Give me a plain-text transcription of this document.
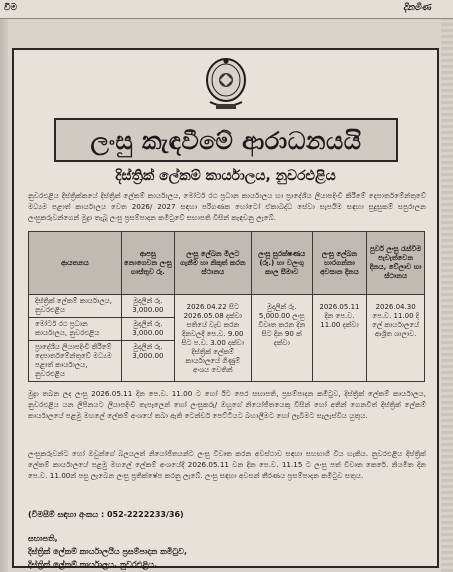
වීම	දිනමිණ
ලංසු කැඳවීමේ ආරාධනයයි
දිස්ත්‍රික් ලේකම් කාර්යාලය, නුවරඑළිය
නුවරඑළිය දිස්ත්‍රික්කයේ දිස්ත්‍රික් ලේකම් කාර්යාලය, මෝටර් රථ ප්‍රධාන කාර්යාලය හා ප්‍රාදේශීය ලියාපදිංචි කිරීමේ දෙපාර්තමේන්තුවේ මධ්‍යම පළාත් කාර්යාලය වෙත 2026/ 2027 සඳහා පරිගණක හෝටෝ ඒකාබද්ධ සේවා සැපයීම සඳහා සුදුසුකම් සපුරාලන ලංසුකරුවන්ගෙන් මුද්‍රා තැබූ ලංසු ප්‍රසම්පාදන කමිටුවේ සභාපති විසින් කැඳවනු ලැබේ.
ආයතනය	ආපසු නොගෙවන ලංසු ගාස්තුව රු.	ලංසු ලේඛන මිලට ගැනීම හා නිකුත් කරන ස්ථානය	ලංසු සුරක්ෂණය (රු.) හා වලංගු කාල සීමාව	ලංසු ලේඛන භාරගන්නා අවසාන දිනය	පුර්ව ලංසු රැස්වීම පැවැත්වෙන දිනය, වේලාව හා ස්ථානය
දිස්ත්‍රික් ලේකම් කාර්යාලය, නුවරඑළිය	මුදලින් රු. 3,000.00	2026.04.22 සිට 2026.05.08 දක්වා සතියේ වැඩ කරන දිනවලදී පෙ.ව. 9.00 සිට ප.ව. 3.00 දක්වා දිස්ත්‍රික් ලේකම් කාර්යාලයේ ගිණුම් අංශය වෙතින්	මුදලින් රු. 5,000.00 ලංසු විවෘත කරන දින සිට දින 90 ක් දක්වා	2026.05.11 දින පෙ.ව. 11.00 දක්වා	2026.04.30 පෙ.ව. 11.00 දි ලේ කාර්යාලයේ ආශ්‍රිත ශාලාව.
මෝටර් රථ ප්‍රධාන කාර්යාලය, නුවරඑළිය	මුදලින් රු. 3,000.00				
ප්‍රාදේශීය ලියාපදිංචි කිරීමේ දෙපාර්තමේන්තුවේ මධ්‍යම පළාත් කාර්යාලය, නුවරඑළිය	මුදලින් රු. 3,000.00				
මුද්‍රා තබන ලද ලංසු 2026.05.11 දින පෙ.ව. 11.00 ට හෝ ඊට පෙර සභාපති, ප්‍රසම්පාදන කමිටුව, දිස්ත්‍රික් ලේකම් කාර්යාලය, නුවරඑළිය යන ලිපිනයට ලියාපදිංචි තැපෑලෙන් හෝ ලංසුකරු/ ඔහුගේ නියෝජිතයෙකු විසින් හෝ අතින් ගෙනවිත් දිස්ත්‍රික් ලේකම් කාර්යාලයේ පළමු මහලේ ලේකම් අංශයේ තබා ඇති ටෙන්ඩර් පෙට්ටියට බහාලීමට හෝ ලැබීමට සැලැස්විය යුතුය.
ලංසුකරුවන්ට හෝ ඔවුන්ගේ බලයලත් නියෝජිතයන්ට ලංසු විවෘත කරන අවස්ථාව සඳහා සහභාගී විය හැකිය. නුවරඑළිය දිස්ත්‍රික් ලේකම් කාර්යාලයේ පළමු මහලේ ලේකම් අංශයේදී 2026.05.11 වන දින පෙ.ව. 11.15 ට ලංසු පත් විවෘත කෙරේ. නියමිත දින පෙ.ව. 11.00න් පසු ලැබෙන ලංසු ප්‍රතික්ෂේප කරනු ලැබේ. ලංසු සඳහා අවසන් තීරණය ප්‍රසම්පාදන කමිටුව සතුය.
(විමසීම් සඳහා අංකය : 052-2222233/36)
සභාපති,
දිස්ත්‍රික් ලේකම් කාර්යාලයීය ප්‍රසම්පාදන කමිටුව,
දිස්ත්‍රික් ලේකම් කාර්යාලය, නුවරඑළිය.
